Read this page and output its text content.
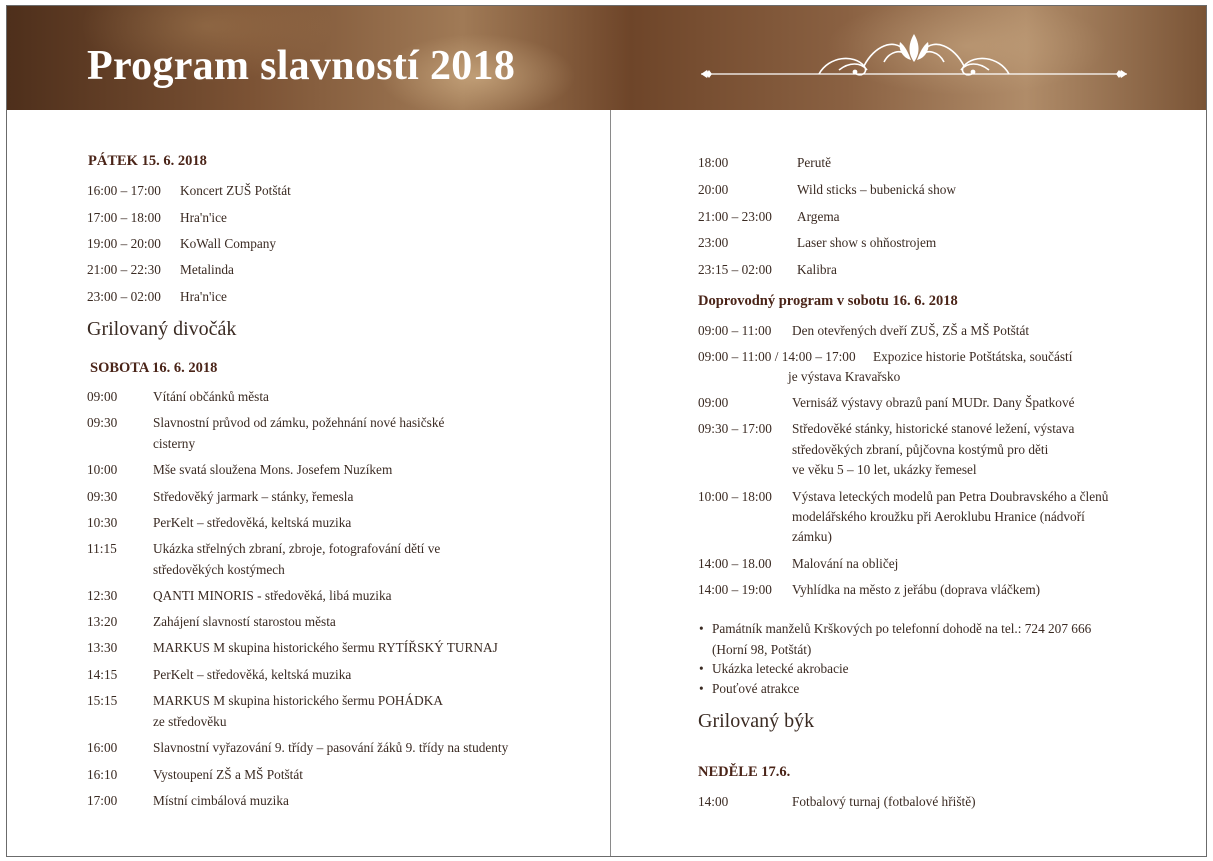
Program slavností 2018
PÁTEK 15. 6. 2018
16:00 – 17:00 Koncert ZUŠ Potštát
17:00 – 18:00 Hra'n'ice
19:00 – 20:00 KoWall Company
21:00 – 22:30 Metalinda
23:00 – 02:00 Hra'n'ice
Grilovaný divočák
SOBOTA 16. 6. 2018
09:00	Vítání občánků města
09:30	Slavnostní průvod od zámku, požehnání nové hasičské
cisterny
10:00	Mše svatá sloužena Mons. Josefem Nuzíkem
09:30	Středověký jarmark – stánky, řemesla
10:30	PerKelt – středověká, keltská muzika
11:15	Ukázka střelných zbraní, zbroje, fotografování dětí ve
středověkých kostýmech
12:30	QANTI MINORIS - středověká, libá muzika
13:20	Zahájení slavností starostou města
13:30	MARKUS M skupina historického šermu RYTÍŘSKÝ TURNAJ
14:15	PerKelt – středověká, keltská muzika
15:15	MARKUS M skupina historického šermu POHÁDKA
ze středověku
16:00	Slavnostní vyřazování 9. třídy – pasování žáků 9. třídy na studenty
16:10	Vystoupení ZŠ a MŠ Potštát
17:00	Místní cimbálová muzika
18:00	Perutě
20:00	Wild sticks – bubenická show
21:00 – 23:00 Argema
23:00	Laser show s ohňostrojem
23:15 – 02:00 Kalibra
Doprovodný program v sobotu 16. 6. 2018
09:00 – 11:00 Den otevřených dveří ZUŠ, ZŠ a MŠ Potštát
09:00 – 11:00 / 14:00 – 17:00 Expozice historie Potštátska, součástí
je výstava Kravařsko
09:00	Vernisáž výstavy obrazů paní MUDr. Dany Špatkové
09:30 – 17:00 Středověké stánky, historické stanové ležení, výstava
středověkých zbraní, půjčovna kostýmů pro děti
ve věku 5 – 10 let, ukázky řemesel
10:00 – 18:00 Výstava leteckých modelů pan Petra Doubravského a členů
modelářského kroužku při Aeroklubu Hranice (nádvoří
zámku)
14:00 – 18.00 Malování na obličej
14:00 – 19:00 Vyhlídka na město z jeřábu (doprava vláčkem)
• Památník manželů Krškových po telefonní dohodě na tel.: 724 207 666
(Horní 98, Potštát)
• Ukázka letecké akrobacie
• Pouťové atrakce
Grilovaný býk
NEDĚLE 17.6.
14:00	Fotbalový turnaj (fotbalové hřiště)
